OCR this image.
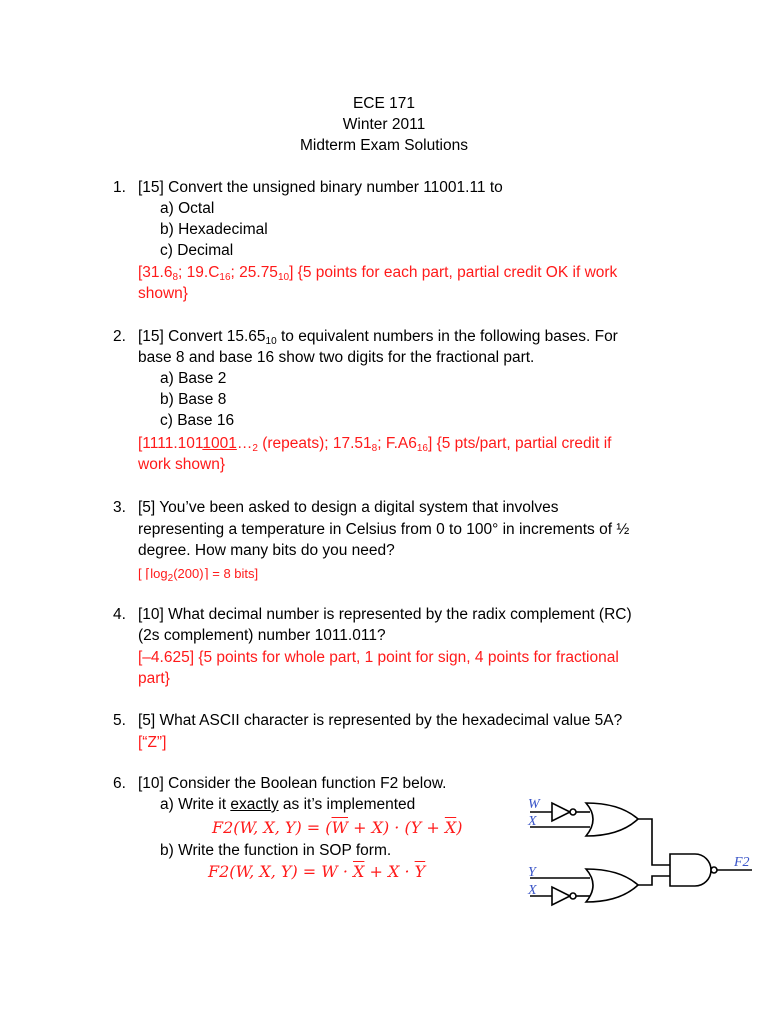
ECE 171
Winter 2011
Midterm Exam Solutions
1. [15] Convert the unsigned binary number 11001.11 to
a) Octal
b) Hexadecimal
c) Decimal
[$31.6_8$; $19.C_{16}$; $25.75_{10}$] {5 points for each part, partial credit OK if work
shown}
2. [15] Convert $15.65_{10}$ to equivalent numbers in the following bases. For
base 8 and base 16 show two digits for the fractional part.
a) Base 2
b) Base 8
c) Base 16
[$1111.1011001\dots_2$ (repeats); $17.51_8$; $F.A6_{16}$] {5 pts/part, partial credit if
work shown}
3. [5] You’ve been asked to design a digital system that involves
representing a temperature in Celsius from 0 to 100° in increments of ½
degree. How many bits do you need?
[ $⌈\log_2(200)⌉ = 8$ bits]
4. [10] What decimal number is represented by the radix complement (RC)
(2s complement) number 1011.011?
[–4.625] {5 points for whole part, 1 point for sign, 4 points for fractional
part}
5. [5] What ASCII character is represented by the hexadecimal value 5A?
[“Z”]
6. [10] Consider the Boolean function F2 below.
a) Write it exactly as it’s implemented
F2(W, X, $Y) = (\overline{W} + X) \cdot (Y + \overline{X})$
b) Write the function in SOP form.
F2(W, X, $Y) = W \cdot \overline{X} + X \cdot \overline{Y}$
W
X
Y
X
F2
